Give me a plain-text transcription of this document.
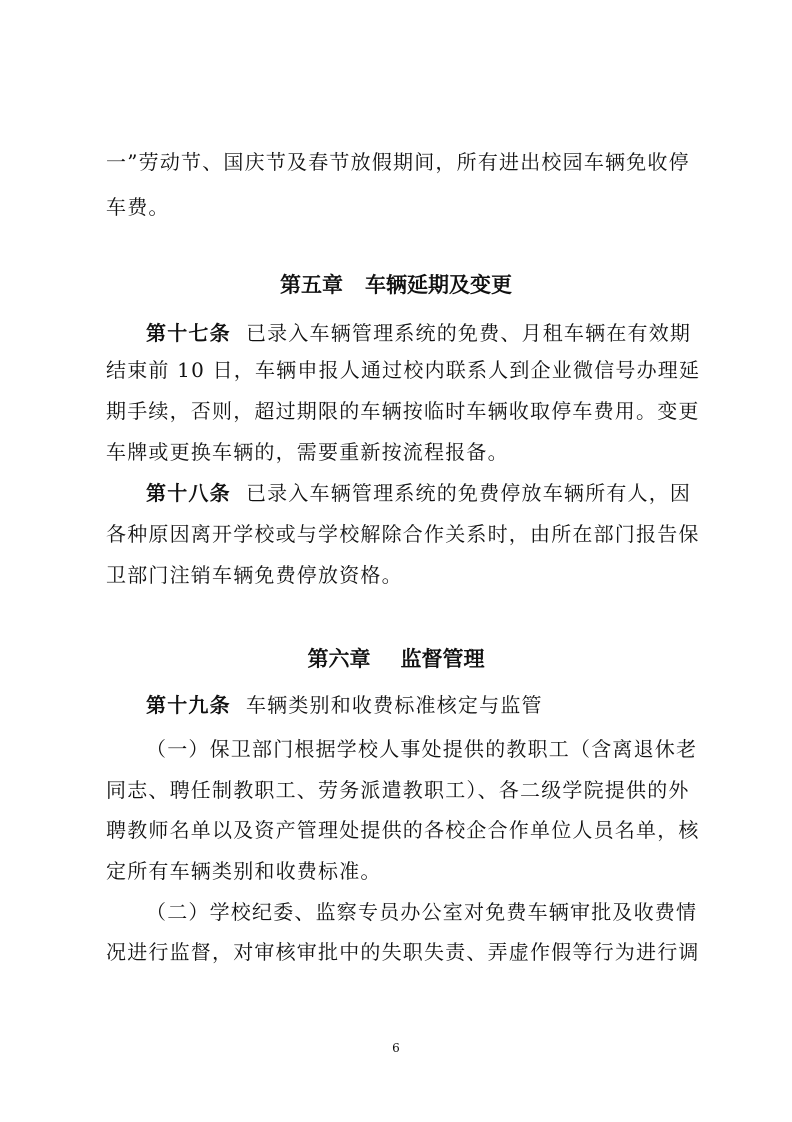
一”劳动节、国庆节及春节放假期间，所有进出校园车辆免收停
车费。
第五章 车辆延期及变更
第十七条 已录入车辆管理系统的免费、月租车辆在有效期
结束前 10 日，车辆申报人通过校内联系人到企业微信号办理延
期手续，否则，超过期限的车辆按临时车辆收取停车费用。变更
车牌或更换车辆的，需要重新按流程报备。
第十八条 已录入车辆管理系统的免费停放车辆所有人，因
各种原因离开学校或与学校解除合作关系时，由所在部门报告保
卫部门注销车辆免费停放资格。
第六章 监督管理
第十九条 车辆类别和收费标准核定与监管
（一）保卫部门根据学校人事处提供的教职工（含离退休老
同志、聘任制教职工、劳务派遣教职工）、各二级学院提供的外
聘教师名单以及资产管理处提供的各校企合作单位人员名单，核
定所有车辆类别和收费标准。
（二）学校纪委、监察专员办公室对免费车辆审批及收费情
况进行监督，对审核审批中的失职失责、弄虚作假等行为进行调
6
